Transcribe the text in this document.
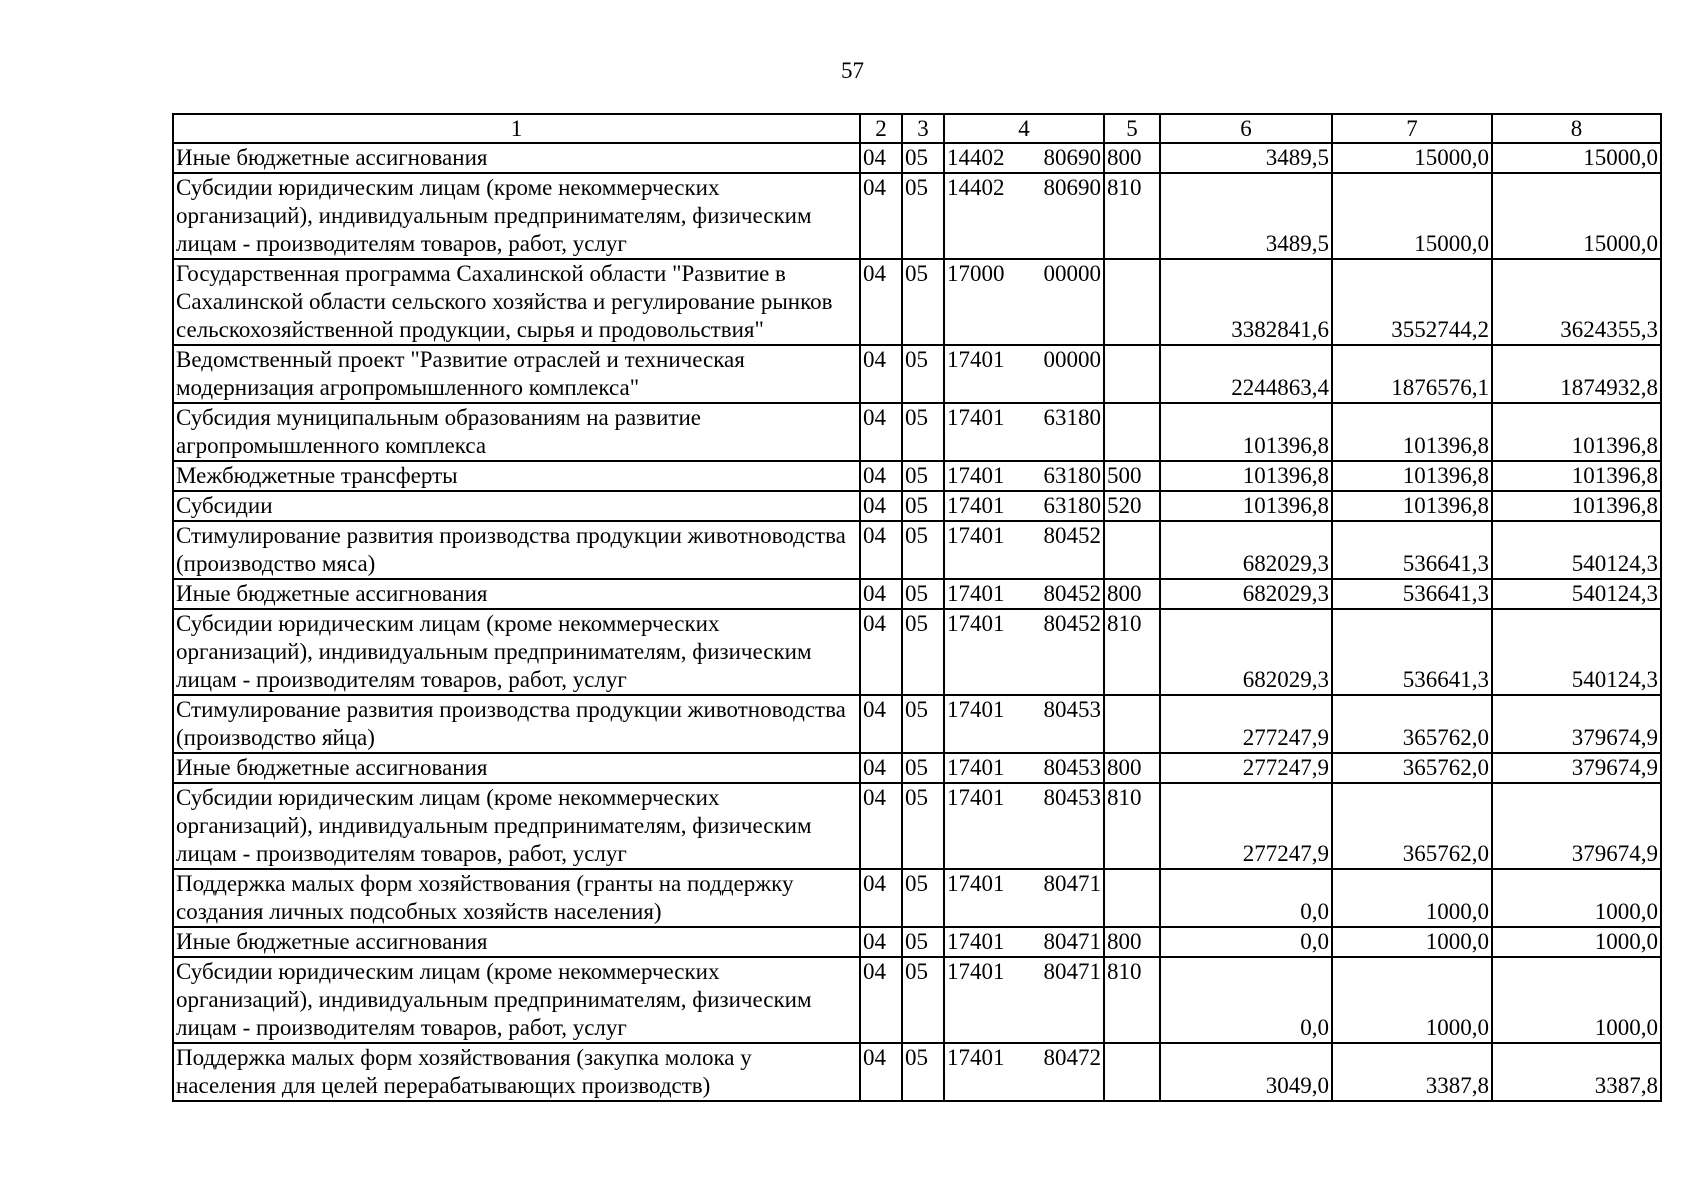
57
1	2	3	4	5	6	7	8
Иные бюджетные ассигнования	04	05	14402 80690	800	3489,5	15000,0	15000,0
Субсидии юридическим лицам (кроме некоммерческих организаций), индивидуальным предпринимателям, физическим лицам - производителям товаров, работ, услуг	04	05	14402 80690	810	3489,5	15000,0	15000,0
Государственная программа Сахалинской области "Развитие в Сахалинской области сельского хозяйства и регулирование рынков сельскохозяйственной продукции, сырья и продовольствия"	04	05	17000 00000		3382841,6	3552744,2	3624355,3
Ведомственный проект "Развитие отраслей и техническая модернизация агропромышленного комплекса"	04	05	17401 00000		2244863,4	1876576,1	1874932,8
Субсидия муниципальным образованиям на развитие агропромышленного комплекса	04	05	17401 63180		101396,8	101396,8	101396,8
Межбюджетные трансферты	04	05	17401 63180	500	101396,8	101396,8	101396,8
Субсидии	04	05	17401 63180	520	101396,8	101396,8	101396,8
Стимулирование развития производства продукции животноводства (производство мяса)	04	05	17401 80452		682029,3	536641,3	540124,3
Иные бюджетные ассигнования	04	05	17401 80452	800	682029,3	536641,3	540124,3
Субсидии юридическим лицам (кроме некоммерческих организаций), индивидуальным предпринимателям, физическим лицам - производителям товаров, работ, услуг	04	05	17401 80452	810	682029,3	536641,3	540124,3
Стимулирование развития производства продукции животноводства (производство яйца)	04	05	17401 80453		277247,9	365762,0	379674,9
Иные бюджетные ассигнования	04	05	17401 80453	800	277247,9	365762,0	379674,9
Субсидии юридическим лицам (кроме некоммерческих организаций), индивидуальным предпринимателям, физическим лицам - производителям товаров, работ, услуг	04	05	17401 80453	810	277247,9	365762,0	379674,9
Поддержка малых форм хозяйствования (гранты на поддержку создания личных подсобных хозяйств населения)	04	05	17401 80471		0,0	1000,0	1000,0
Иные бюджетные ассигнования	04	05	17401 80471	800	0,0	1000,0	1000,0
Субсидии юридическим лицам (кроме некоммерческих организаций), индивидуальным предпринимателям, физическим лицам - производителям товаров, работ, услуг	04	05	17401 80471	810	0,0	1000,0	1000,0
Поддержка малых форм хозяйствования (закупка молока у населения для целей перерабатывающих производств)	04	05	17401 80472		3049,0	3387,8	3387,8
